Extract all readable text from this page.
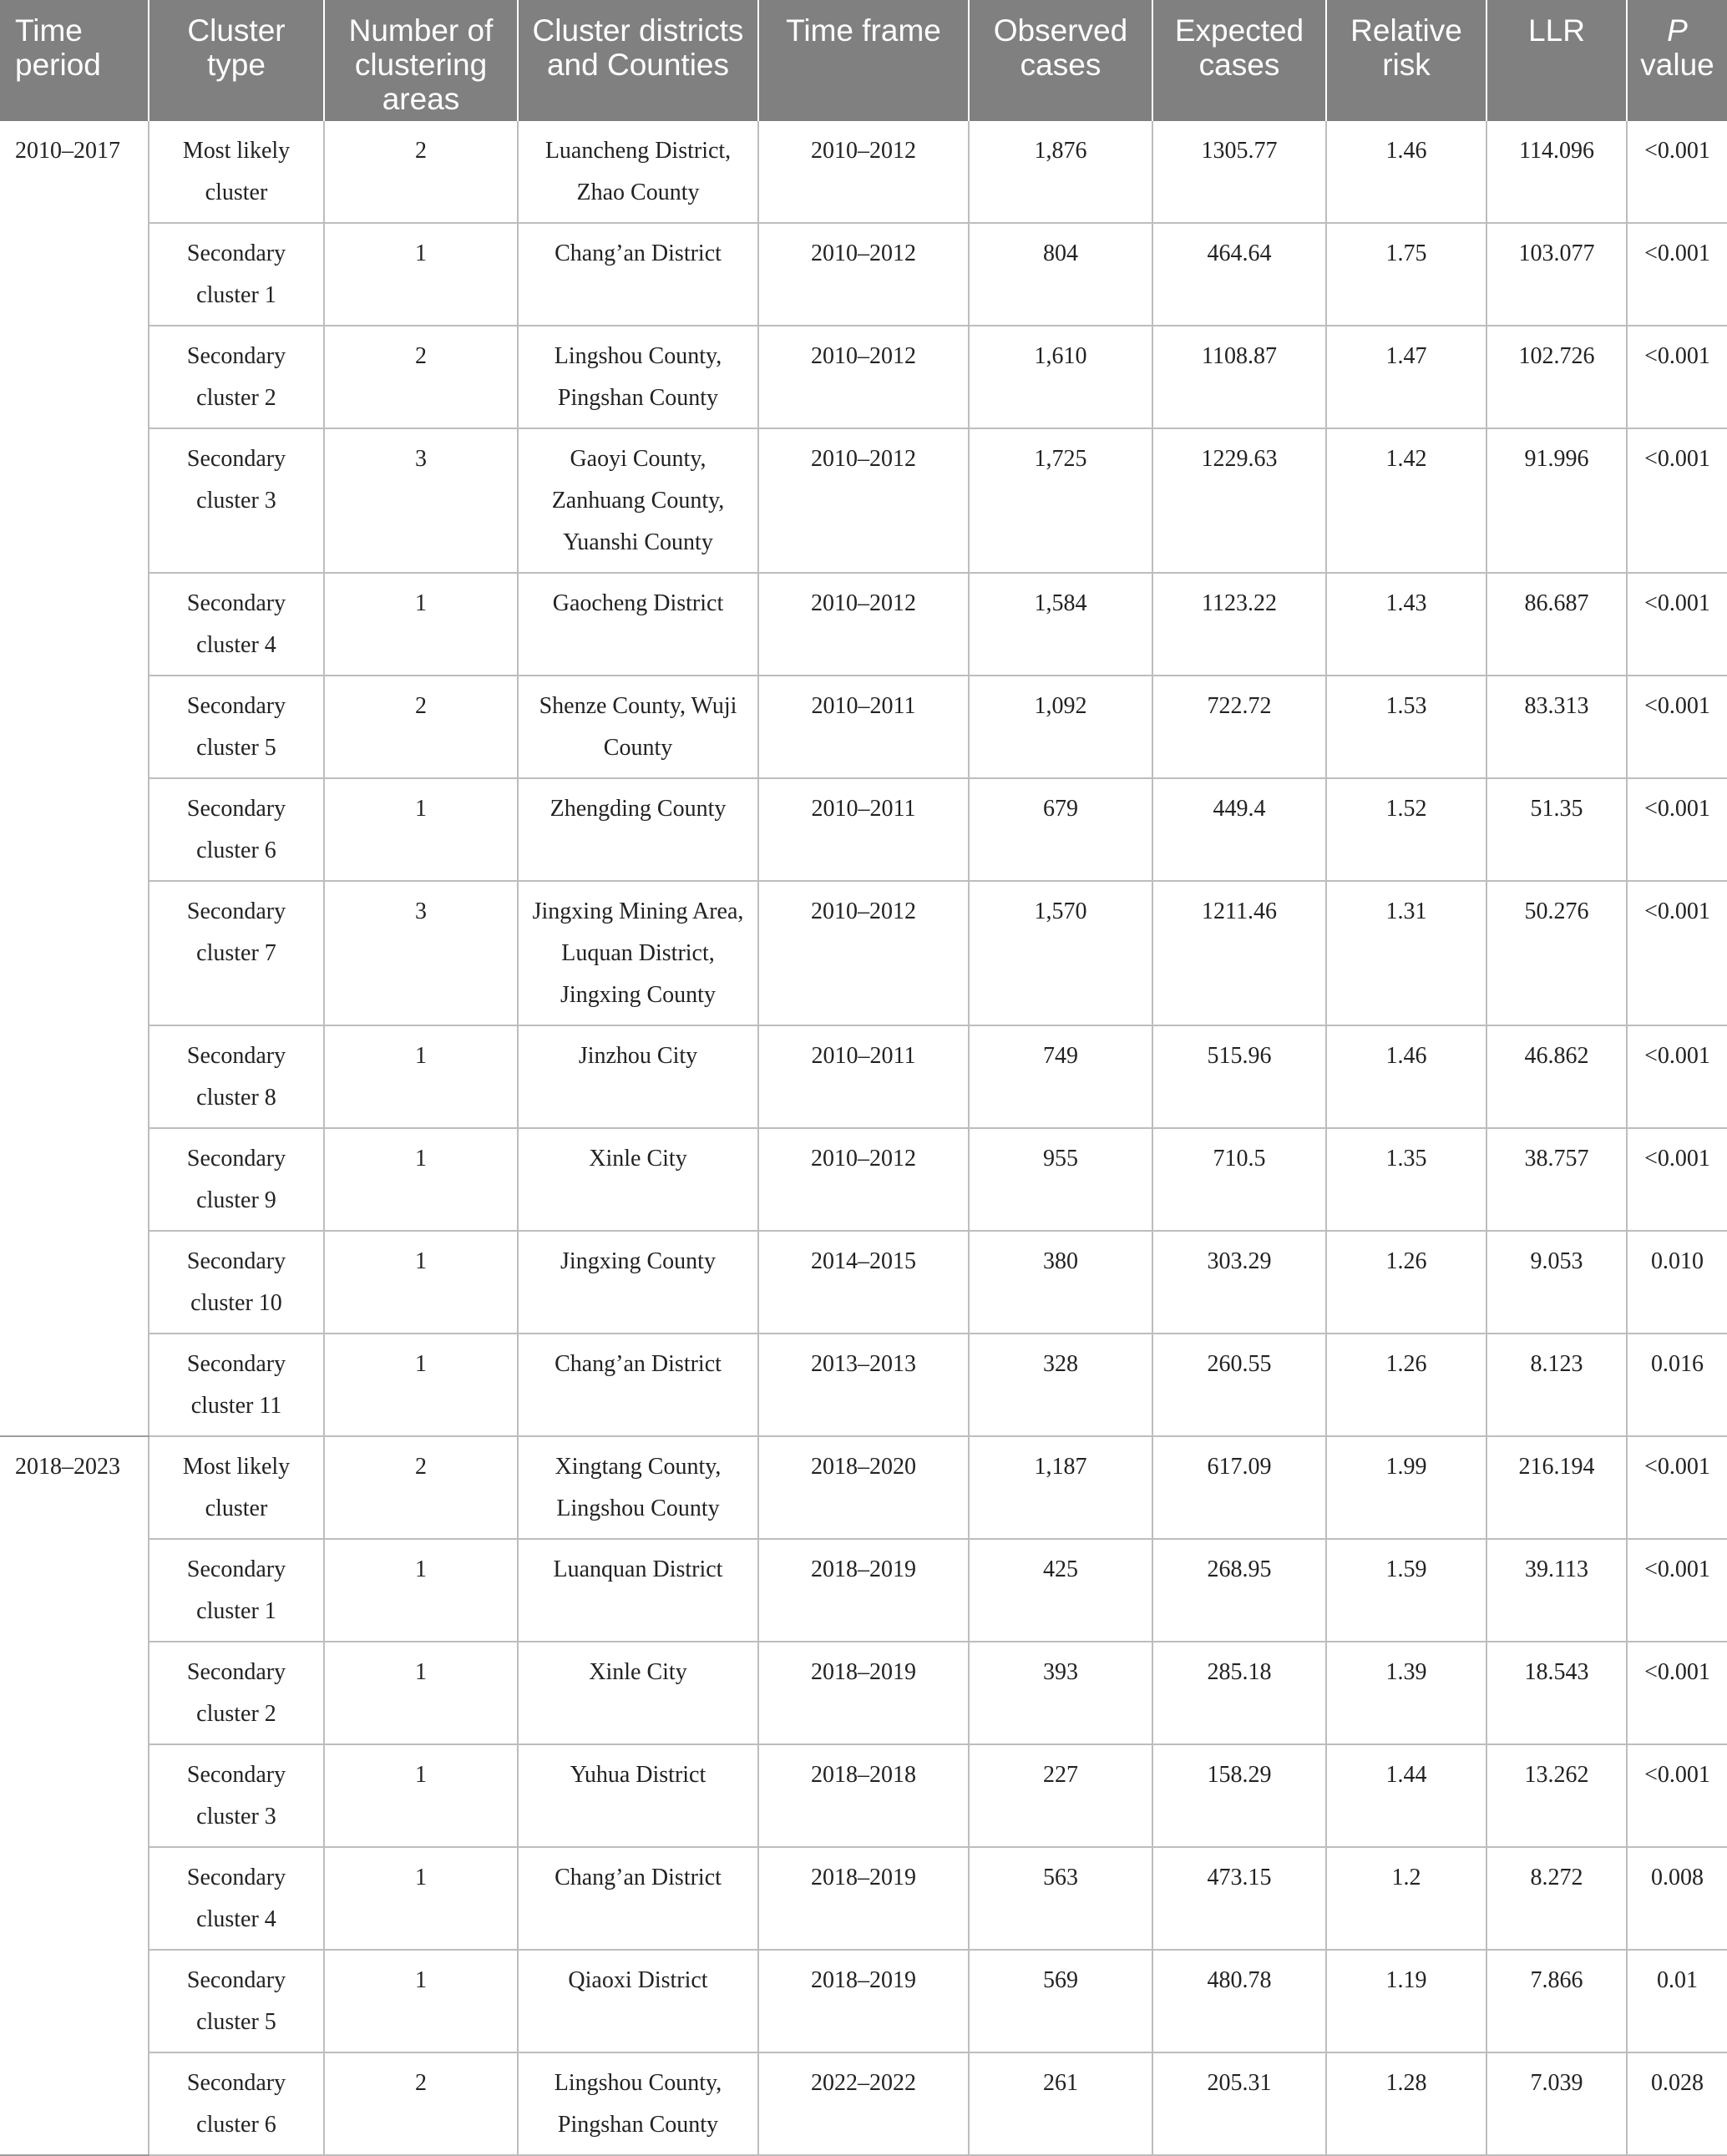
Time period	Cluster type	Number of clustering areas	Cluster districts and Counties	Time frame	Observed cases	Expected cases	Relative risk	LLR	P value
2010–2017	Most likely cluster	2	Luancheng District, Zhao County	2010–2012	1,876	1305.77	1.46	114.096	<0.001
	Secondary cluster 1	1	Chang’an District	2010–2012	804	464.64	1.75	103.077	<0.001
	Secondary cluster 2	2	Lingshou County, Pingshan County	2010–2012	1,610	1108.87	1.47	102.726	<0.001
	Secondary cluster 3	3	Gaoyi County, Zanhuang County, Yuanshi County	2010–2012	1,725	1229.63	1.42	91.996	<0.001
	Secondary cluster 4	1	Gaocheng District	2010–2012	1,584	1123.22	1.43	86.687	<0.001
	Secondary cluster 5	2	Shenze County, Wuji County	2010–2011	1,092	722.72	1.53	83.313	<0.001
	Secondary cluster 6	1	Zhengding County	2010–2011	679	449.4	1.52	51.35	<0.001
	Secondary cluster 7	3	Jingxing Mining Area, Luquan District, Jingxing County	2010–2012	1,570	1211.46	1.31	50.276	<0.001
	Secondary cluster 8	1	Jinzhou City	2010–2011	749	515.96	1.46	46.862	<0.001
	Secondary cluster 9	1	Xinle City	2010–2012	955	710.5	1.35	38.757	<0.001
	Secondary cluster 10	1	Jingxing County	2014–2015	380	303.29	1.26	9.053	0.010
	Secondary cluster 11	1	Chang’an District	2013–2013	328	260.55	1.26	8.123	0.016
2018–2023	Most likely cluster	2	Xingtang County, Lingshou County	2018–2020	1,187	617.09	1.99	216.194	<0.001
	Secondary cluster 1	1	Luanquan District	2018–2019	425	268.95	1.59	39.113	<0.001
	Secondary cluster 2	1	Xinle City	2018–2019	393	285.18	1.39	18.543	<0.001
	Secondary cluster 3	1	Yuhua District	2018–2018	227	158.29	1.44	13.262	<0.001
	Secondary cluster 4	1	Chang’an District	2018–2019	563	473.15	1.2	8.272	0.008
	Secondary cluster 5	1	Qiaoxi District	2018–2019	569	480.78	1.19	7.866	0.01
	Secondary cluster 6	2	Lingshou County, Pingshan County	2022–2022	261	205.31	1.28	7.039	0.028
